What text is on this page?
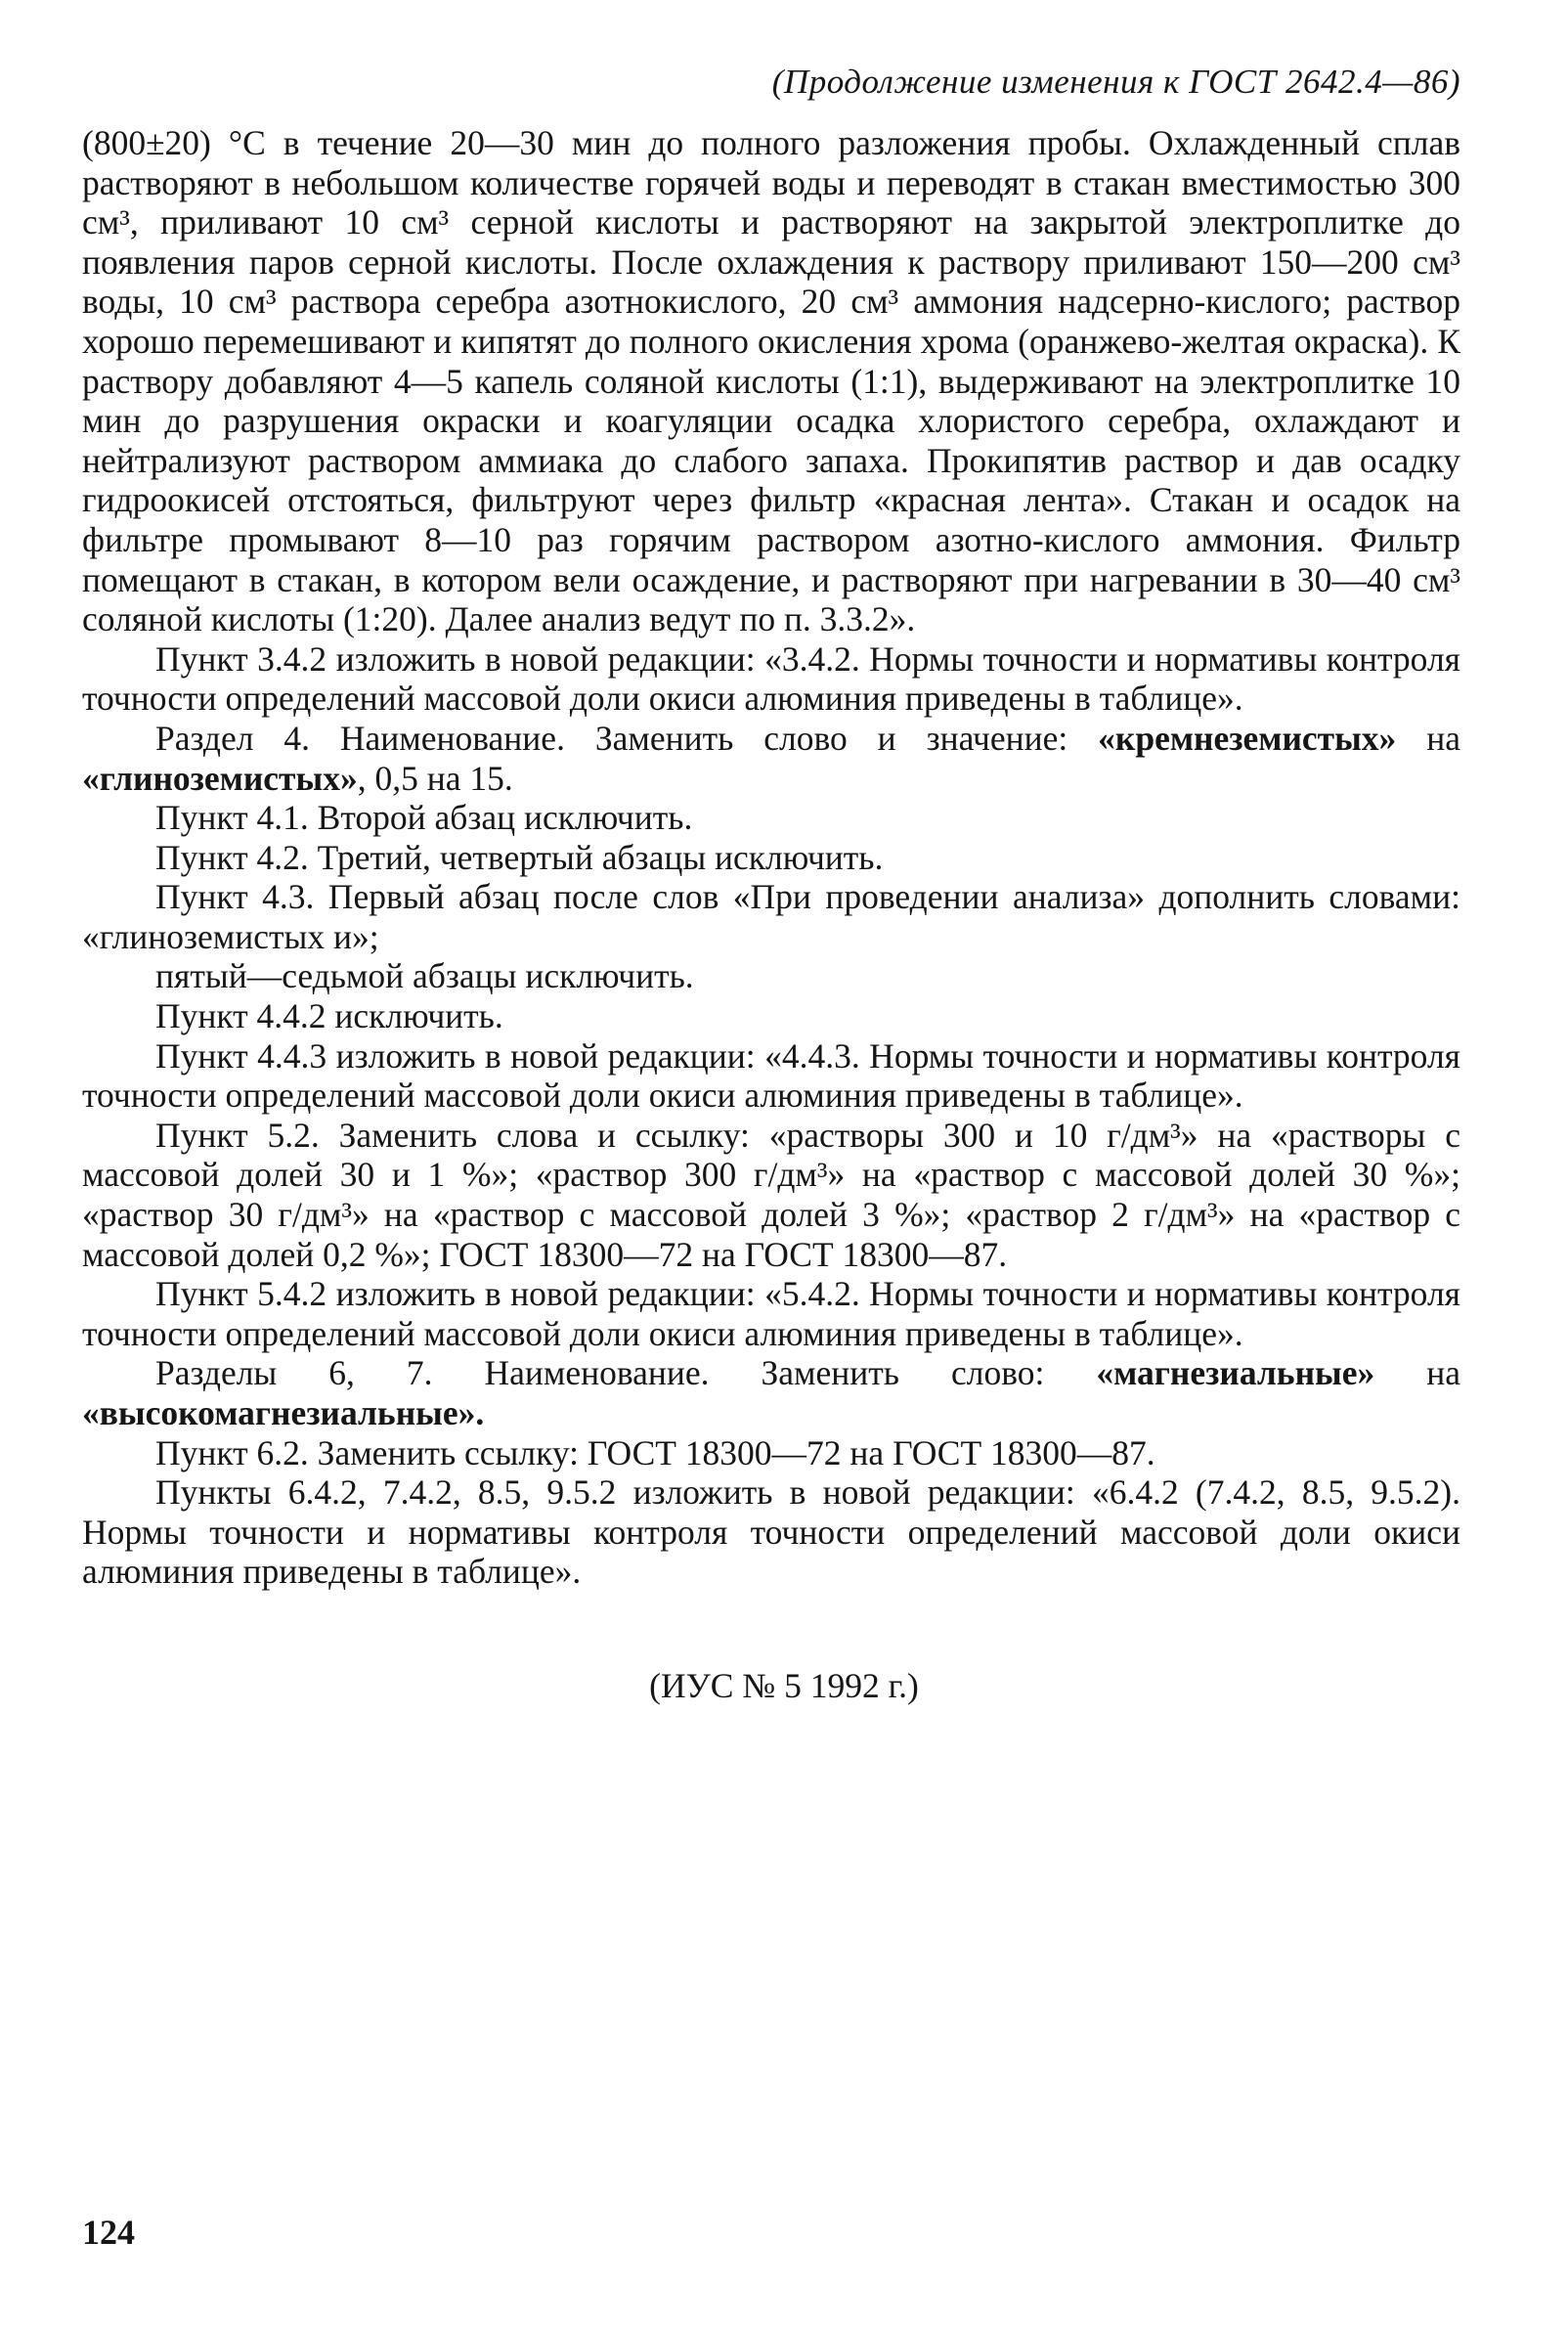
(Продолжение изменения к ГОСТ 2642.4—86)

(800±20) °С в течение 20—30 мин до полного разложения пробы. Охлажденный сплав растворяют в небольшом количестве горячей воды и переводят в стакан вместимостью 300 см³, приливают 10 см³ серной кислоты и растворяют на закрытой электроплитке до появления паров серной кислоты. После охлаждения к раствору приливают 150—200 см³ воды, 10 см³ раствора серебра азотнокислого, 20 см³ аммония надсерно-кислого; раствор хорошо перемешивают и кипятят до полного окисления хрома (оранжево-желтая окраска). К раствору добавляют 4—5 капель соляной кислоты (1:1), выдерживают на электроплитке 10 мин до разрушения окраски и коагуляции осадка хлористого серебра, охлаждают и нейтрализуют раствором аммиака до слабого запаха. Прокипятив раствор и дав осадку гидроокисей отстояться, фильтруют через фильтр «красная лента». Стакан и осадок на фильтре промывают 8—10 раз горячим раствором азотно-кислого аммония. Фильтр помещают в стакан, в котором вели осаждение, и растворяют при нагревании в 30—40 см³ соляной кислоты (1:20). Далее анализ ведут по п. 3.3.2».

Пункт 3.4.2 изложить в новой редакции: «3.4.2. Нормы точности и нормативы контроля точности определений массовой доли окиси алюминия приведены в таблице».

Раздел 4. Наименование. Заменить слово и значение: «кремнеземистых» на «глиноземистых», 0,5 на 15.

Пункт 4.1. Второй абзац исключить.

Пункт 4.2. Третий, четвертый абзацы исключить.

Пункт 4.3. Первый абзац после слов «При проведении анализа» дополнить словами: «глиноземистых и»;

пятый—седьмой абзацы исключить.

Пункт 4.4.2 исключить.

Пункт 4.4.3 изложить в новой редакции: «4.4.3. Нормы точности и нормативы контроля точности определений массовой доли окиси алюминия приведены в таблице».

Пункт 5.2. Заменить слова и ссылку: «растворы 300 и 10 г/дм³» на «растворы с массовой долей 30 и 1 %»; «раствор 300 г/дм³» на «раствор с массовой долей 30 %»; «раствор 30 г/дм³» на «раствор с массовой долей 3 %»; «раствор 2 г/дм³» на «раствор с массовой долей 0,2 %»; ГОСТ 18300—72 на ГОСТ 18300—87.

Пункт 5.4.2 изложить в новой редакции: «5.4.2. Нормы точности и нормативы контроля точности определений массовой доли окиси алюминия приведены в таблице».

Разделы 6, 7. Наименование. Заменить слово: «магнезиальные» на «высокомагнезиальные».

Пункт 6.2. Заменить ссылку: ГОСТ 18300—72 на ГОСТ 18300—87.

Пункты 6.4.2, 7.4.2, 8.5, 9.5.2 изложить в новой редакции: «6.4.2 (7.4.2, 8.5, 9.5.2). Нормы точности и нормативы контроля точности определений массовой доли окиси алюминия приведены в таблице».

(ИУС № 5 1992 г.)

124
